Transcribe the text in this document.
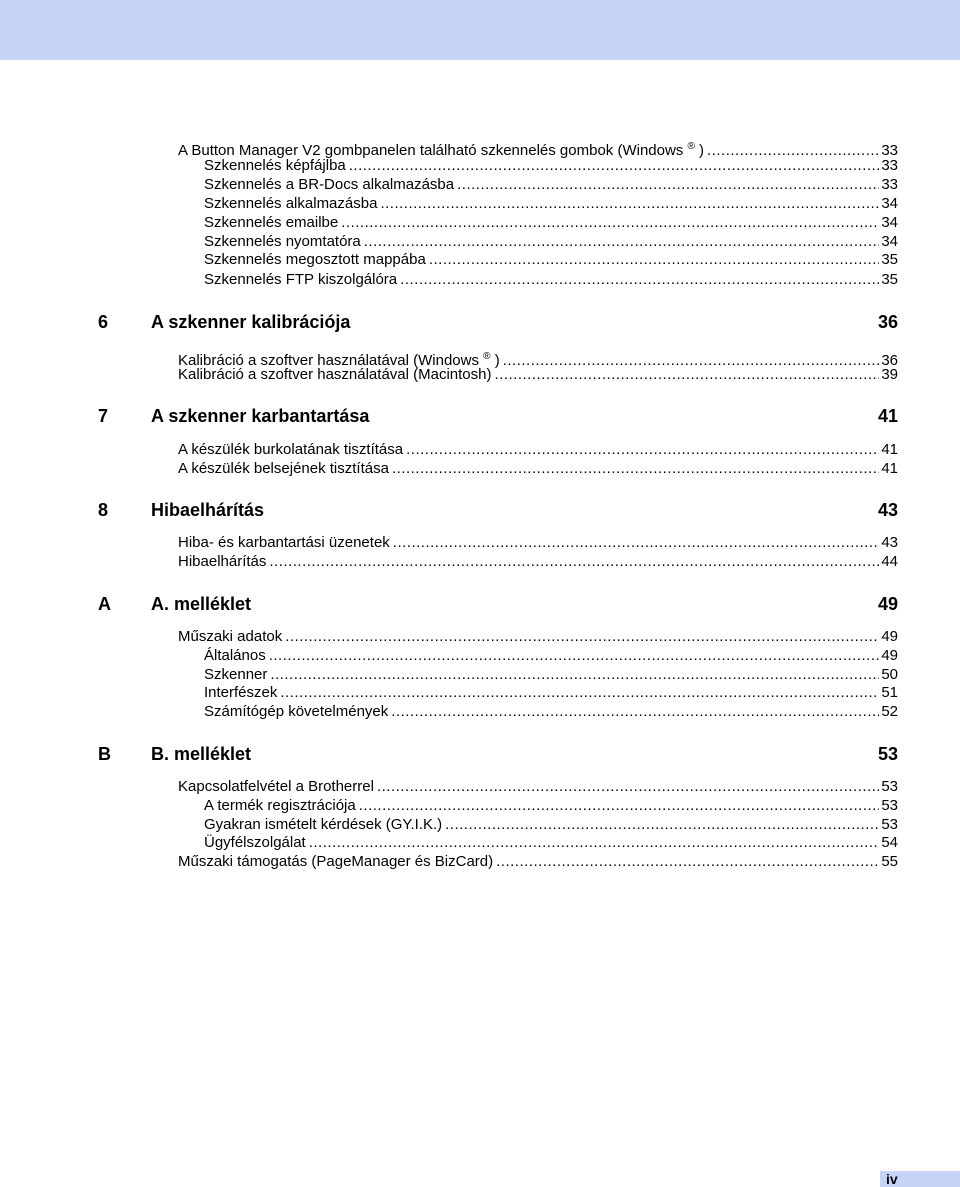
A Button Manager V2 gombpanelen található szkennelés gombok (Windows ® ) .....	33
Szkennelés képfájlba .....	33
Szkennelés a BR-Docs alkalmazásba .....	33
Szkennelés alkalmazásba .....	34
Szkennelés emailbe .....	34
Szkennelés nyomtatóra .....	34
Szkennelés megosztott mappába .....	35
Szkennelés FTP kiszolgálóra .....	35
6	A szkenner kalibrációja	36
Kalibráció a szoftver használatával (Windows ® ) .....	36
Kalibráció a szoftver használatával (Macintosh) .....	39
7	A szkenner karbantartása	41
A készülék burkolatának tisztítása .....	41
A készülék belsejének tisztítása .....	41
8	Hibaelhárítás	43
Hiba- és karbantartási üzenetek .....	43
Hibaelhárítás .....	44
A	A. melléklet	49
Műszaki adatok .....	49
Általános .....	49
Szkenner .....	50
Interfészek .....	51
Számítógép követelmények .....	52
B	B. melléklet	53
Kapcsolatfelvétel a Brotherrel .....	53
A termék regisztrációja .....	53
Gyakran ismételt kérdések (GY.I.K.) .....	53
Ügyfélszolgálat .....	54
Műszaki támogatás (PageManager és BizCard) .....	55
iv
